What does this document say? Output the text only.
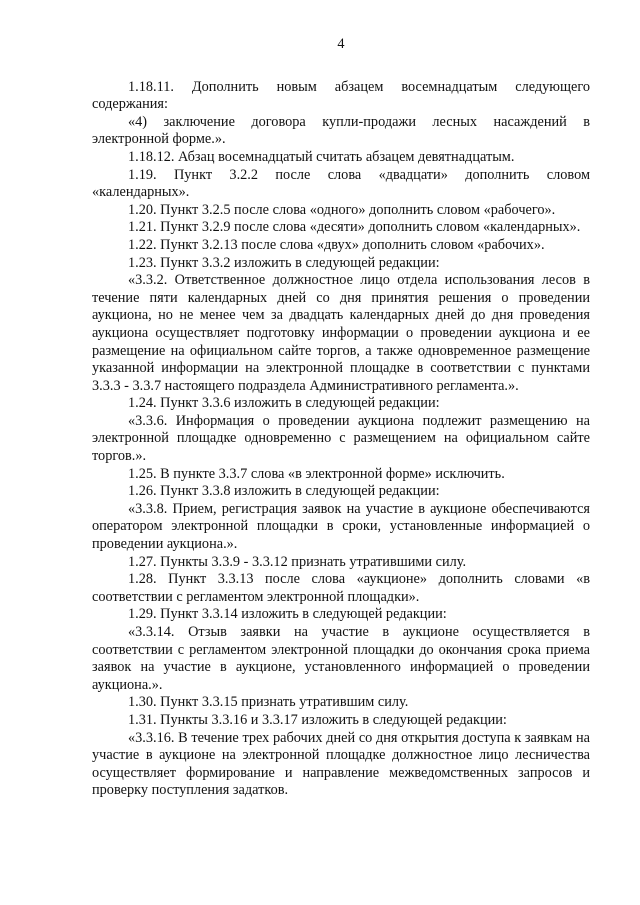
4

1.18.11. Дополнить новым абзацем восемнадцатым следующего содержания:

«4) заключение договора купли-продажи лесных насаждений в электронной форме.».

1.18.12. Абзац восемнадцатый считать абзацем девятнадцатым.

1.19. Пункт 3.2.2 после слова «двадцати» дополнить словом «календарных».

1.20. Пункт 3.2.5 после слова «одного» дополнить словом «рабочего».

1.21. Пункт 3.2.9 после слова «десяти» дополнить словом «календарных».

1.22. Пункт 3.2.13 после слова «двух» дополнить словом «рабочих».

1.23. Пункт 3.3.2 изложить в следующей редакции:

«3.3.2. Ответственное должностное лицо отдела использования лесов в течение пяти календарных дней со дня принятия решения о проведении аукциона, но не менее чем за двадцать календарных дней до дня проведения аукциона осуществляет подготовку информации о проведении аукциона и ее размещение на официальном сайте торгов, а также одновременное размещение указанной информации на электронной площадке в соответствии с пунктами 3.3.3 - 3.3.7 настоящего подраздела Административного регламента.».

1.24. Пункт 3.3.6 изложить в следующей редакции:

«3.3.6. Информация о проведении аукциона подлежит размещению на электронной площадке одновременно с размещением на официальном сайте торгов.».

1.25. В пункте 3.3.7 слова «в электронной форме» исключить.

1.26. Пункт 3.3.8 изложить в следующей редакции:

«3.3.8. Прием, регистрация заявок на участие в аукционе обеспечиваются оператором электронной площадки в сроки, установленные информацией о проведении аукциона.».

1.27. Пункты 3.3.9 - 3.3.12 признать утратившими силу.

1.28. Пункт 3.3.13 после слова «аукционе» дополнить словами «в соответствии с регламентом электронной площадки».

1.29. Пункт 3.3.14 изложить в следующей редакции:

«3.3.14. Отзыв заявки на участие в аукционе осуществляется в соответствии с регламентом электронной площадки до окончания срока приема заявок на участие в аукционе, установленного информацией о проведении аукциона.».

1.30. Пункт 3.3.15 признать утратившим силу.

1.31. Пункты 3.3.16 и 3.3.17 изложить в следующей редакции:

«3.3.16. В течение трех рабочих дней со дня открытия доступа к заявкам на участие в аукционе на электронной площадке должностное лицо лесничества осуществляет формирование и направление межведомственных запросов и проверку поступления задатков.
